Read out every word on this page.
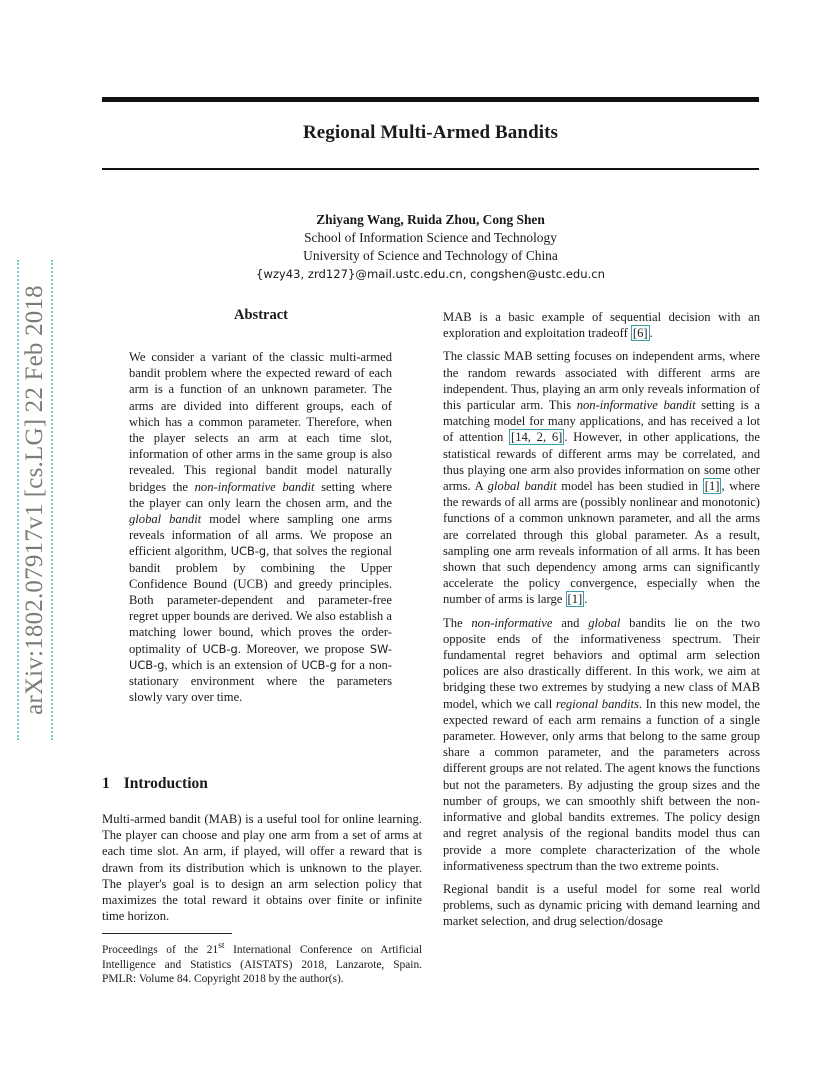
Regional Multi-Armed Bandits
Zhiyang Wang, Ruida Zhou, Cong Shen
School of Information Science and Technology
University of Science and Technology of China
{wzy43, zrd127}@mail.ustc.edu.cn, congshen@ustc.edu.cn
arXiv:1802.07917v1 [cs.LG] 22 Feb 2018	Abstract

We consider a variant of the classic multi-armed bandit problem where the expected reward of each arm is a function of an unknown parameter. The arms are divided into different groups, each of which has a common parameter. Therefore, when the player selects an arm at each time slot, information of other arms in the same group is also revealed. This regional bandit model naturally bridges the non-informative bandit setting where the player can only learn the chosen arm, and the global bandit model where sampling one arms reveals information of all arms. We propose an efficient algorithm, UCB-g, that solves the regional bandit problem by combining the Upper Confidence Bound (UCB) and greedy principles. Both parameter-dependent and parameter-free regret upper bounds are derived. We also establish a matching lower bound, which proves the order-optimality of UCB-g. Moreover, we propose SW-UCB-g, which is an extension of UCB-g for a non-stationary environment where the parameters slowly vary over time.

1 Introduction

Multi-armed bandit (MAB) is a useful tool for online learning. The player can choose and play one arm from a set of arms at each time slot. An arm, if played, will offer a reward that is drawn from its distribution which is unknown to the player. The player's goal is to design an arm selection policy that maximizes the total reward it obtains over finite or infinite time horizon.

Proceedings of the 21st International Conference on Artificial Intelligence and Statistics (AISTATS) 2018, Lanzarote, Spain. PMLR: Volume 84. Copyright 2018 by the author(s).

MAB is a basic example of sequential decision with an exploration and exploitation tradeoff [6] .

The classic MAB setting focuses on independent arms, where the random rewards associated with different arms are independent. Thus, playing an arm only reveals information of this particular arm. This non-informative bandit setting is a matching model for many applications, and has received a lot of attention [14, 2, 6] . However, in other applications, the statistical rewards of different arms may be correlated, and thus playing one arm also provides information on some other arms. A global bandit model has been studied in [1] , where the rewards of all arms are (possibly nonlinear and monotonic) functions of a common unknown parameter, and all the arms are correlated through this global parameter. As a result, sampling one arm reveals information of all arms. It has been shown that such dependency among arms can significantly accelerate the policy convergence, especially when the number of arms is large [1] .

The non-informative and global bandits lie on the two opposite ends of the informativeness spectrum. Their fundamental regret behaviors and optimal arm selection polices are also drastically different. In this work, we aim at bridging these two extremes by studying a new class of MAB model, which we call regional bandits. In this new model, the expected reward of each arm remains a function of a single parameter. However, only arms that belong to the same group share a common parameter, and the parameters across different groups are not related. The agent knows the functions but not the parameters. By adjusting the group sizes and the number of groups, we can smoothly shift between the non-informative and global bandits extremes. The policy design and regret analysis of the regional bandits model thus can provide a more complete characterization of the whole informativeness spectrum than the two extreme points.

Regional bandit is a useful model for some real world problems, such as dynamic pricing with demand learning and market selection, and drug selection/dosage
